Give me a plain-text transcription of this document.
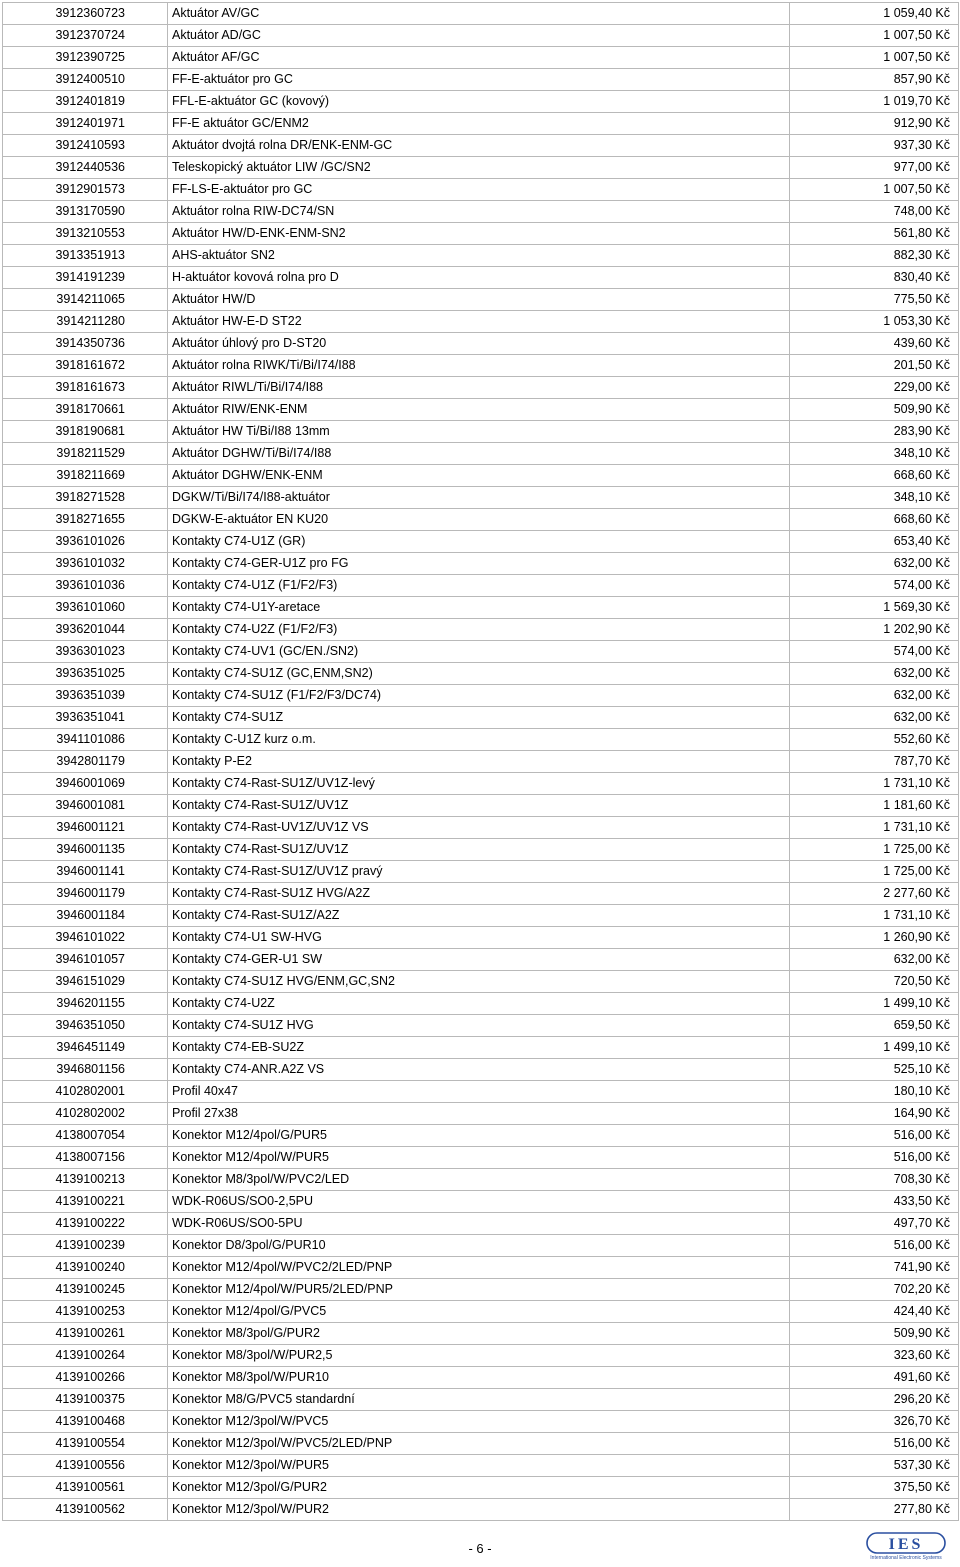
3912360723	Aktuátor AV/GC	1 059,40 Kč
3912370724	Aktuátor AD/GC	1 007,50 Kč
3912390725	Aktuátor AF/GC	1 007,50 Kč
3912400510	FF-E-aktuátor pro GC	857,90 Kč
3912401819	FFL-E-aktuátor GC (kovový)	1 019,70 Kč
3912401971	FF-E aktuátor GC/ENM2	912,90 Kč
3912410593	Aktuátor dvojtá rolna DR/ENK-ENM-GC	937,30 Kč
3912440536	Teleskopický aktuátor LIW /GC/SN2	977,00 Kč
3912901573	FF-LS-E-aktuátor pro GC	1 007,50 Kč
3913170590	Aktuátor rolna RIW-DC74/SN	748,00 Kč
3913210553	Aktuátor HW/D-ENK-ENM-SN2	561,80 Kč
3913351913	AHS-aktuátor SN2	882,30 Kč
3914191239	H-aktuátor kovová rolna pro D	830,40 Kč
3914211065	Aktuátor HW/D	775,50 Kč
3914211280	Aktuátor HW-E-D ST22	1 053,30 Kč
3914350736	Aktuátor úhlový pro D-ST20	439,60 Kč
3918161672	Aktuátor rolna RIWK/Ti/Bi/I74/I88	201,50 Kč
3918161673	Aktuátor RIWL/Ti/Bi/I74/I88	229,00 Kč
3918170661	Aktuátor RIW/ENK-ENM	509,90 Kč
3918190681	Aktuátor HW Ti/Bi/I88 13mm	283,90 Kč
3918211529	Aktuátor DGHW/Ti/Bi/I74/I88	348,10 Kč
3918211669	Aktuátor DGHW/ENK-ENM	668,60 Kč
3918271528	DGKW/Ti/Bi/I74/I88-aktuátor	348,10 Kč
3918271655	DGKW-E-aktuátor EN KU20	668,60 Kč
3936101026	Kontakty C74-U1Z (GR)	653,40 Kč
3936101032	Kontakty C74-GER-U1Z pro FG	632,00 Kč
3936101036	Kontakty C74-U1Z (F1/F2/F3)	574,00 Kč
3936101060	Kontakty C74-U1Y-aretace	1 569,30 Kč
3936201044	Kontakty C74-U2Z (F1/F2/F3)	1 202,90 Kč
3936301023	Kontakty C74-UV1 (GC/EN./SN2)	574,00 Kč
3936351025	Kontakty C74-SU1Z (GC,ENM,SN2)	632,00 Kč
3936351039	Kontakty C74-SU1Z (F1/F2/F3/DC74)	632,00 Kč
3936351041	Kontakty C74-SU1Z	632,00 Kč
3941101086	Kontakty C-U1Z kurz o.m.	552,60 Kč
3942801179	Kontakty P-E2	787,70 Kč
3946001069	Kontakty C74-Rast-SU1Z/UV1Z-levý	1 731,10 Kč
3946001081	Kontakty C74-Rast-SU1Z/UV1Z	1 181,60 Kč
3946001121	Kontakty C74-Rast-UV1Z/UV1Z VS	1 731,10 Kč
3946001135	Kontakty C74-Rast-SU1Z/UV1Z	1 725,00 Kč
3946001141	Kontakty C74-Rast-SU1Z/UV1Z pravý	1 725,00 Kč
3946001179	Kontakty C74-Rast-SU1Z HVG/A2Z	2 277,60 Kč
3946001184	Kontakty C74-Rast-SU1Z/A2Z	1 731,10 Kč
3946101022	Kontakty C74-U1 SW-HVG	1 260,90 Kč
3946101057	Kontakty C74-GER-U1 SW	632,00 Kč
3946151029	Kontakty C74-SU1Z HVG/ENM,GC,SN2	720,50 Kč
3946201155	Kontakty C74-U2Z	1 499,10 Kč
3946351050	Kontakty C74-SU1Z HVG	659,50 Kč
3946451149	Kontakty C74-EB-SU2Z	1 499,10 Kč
3946801156	Kontakty C74-ANR.A2Z VS	525,10 Kč
4102802001	Profil 40x47	180,10 Kč
4102802002	Profil 27x38	164,90 Kč
4138007054	Konektor M12/4pol/G/PUR5	516,00 Kč
4138007156	Konektor M12/4pol/W/PUR5	516,00 Kč
4139100213	Konektor M8/3pol/W/PVC2/LED	708,30 Kč
4139100221	WDK-R06US/SO0-2,5PU	433,50 Kč
4139100222	WDK-R06US/SO0-5PU	497,70 Kč
4139100239	Konektor D8/3pol/G/PUR10	516,00 Kč
4139100240	Konektor M12/4pol/W/PVC2/2LED/PNP	741,90 Kč
4139100245	Konektor M12/4pol/W/PUR5/2LED/PNP	702,20 Kč
4139100253	Konektor M12/4pol/G/PVC5	424,40 Kč
4139100261	Konektor M8/3pol/G/PUR2	509,90 Kč
4139100264	Konektor M8/3pol/W/PUR2,5	323,60 Kč
4139100266	Konektor M8/3pol/W/PUR10	491,60 Kč
4139100375	Konektor M8/G/PVC5 standardní	296,20 Kč
4139100468	Konektor M12/3pol/W/PVC5	326,70 Kč
4139100554	Konektor M12/3pol/W/PVC5/2LED/PNP	516,00 Kč
4139100556	Konektor M12/3pol/W/PUR5	537,30 Kč
4139100561	Konektor M12/3pol/G/PUR2	375,50 Kč
4139100562	Konektor M12/3pol/W/PUR2	277,80 Kč
- 6 -	IES
International Electronic Systems
